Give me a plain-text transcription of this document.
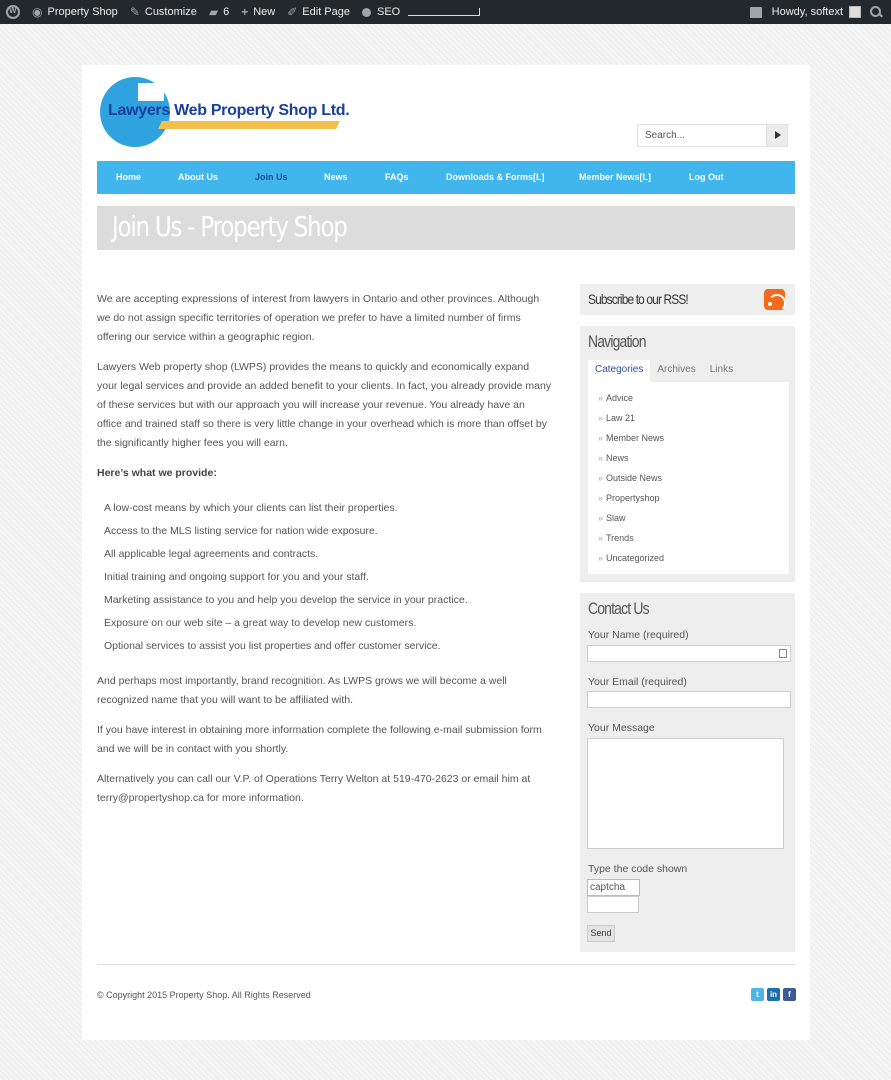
W
◉ Property Shop ✎ Customize ▰ 6 + New ✐ Edit Page SEO	Howdy, softext
Lawyers Web Property Shop Ltd.
Search...
Home	About Us	Join Us	News	FAQs	Downloads & Forms[L]	Member News[L]	Log Out
Join Us - Property Shop

We are accepting expressions of interest from lawyers in Ontario and other provinces. Although we do not assign specific territories of operation we prefer to have a limited number of firms offering our service within a geographic region.

Lawyers Web property shop (LWPS) provides the means to quickly and economically expand your legal services and provide an added benefit to your clients. In fact, you already provide many of these services but with our approach you will increase your revenue. You already have an office and trained staff so there is very little change in your overhead which is more than offset by the significantly higher fees you will earn.

Here’s what we provide:

A low-cost means by which your clients can list their properties.
Access to the MLS listing service for nation wide exposure.
All applicable legal agreements and contracts.
Initial training and ongoing support for you and your staff.
Marketing assistance to you and help you develop the service in your practice.
Exposure on our web site – a great way to develop new customers.
Optional services to assist you list properties and offer customer service.

And perhaps most importantly, brand recognition. As LWPS grows we will become a well recognized name that you will want to be affiliated with.

If you have interest in obtaining more information complete the following e-mail submission form and we will be in contact with you shortly.

Alternatively you can call our V.P. of Operations Terry Welton at 519-470-2623 or email him at terry@propertyshop.ca for more information.

Subscribe to our RSS!
Navigation
Categories	Archives	Links
» Advice
» Law 21
» Member News
» News
» Outside News
» Propertyshop
» Slaw
» Trends
» Uncategorized
Contact Us
Your Name (required)
Your Email (required)
Your Message
Type the code shown
captcha
Send
© Copyright 2015 Property Shop. All Rights Reserved	t	in	f
